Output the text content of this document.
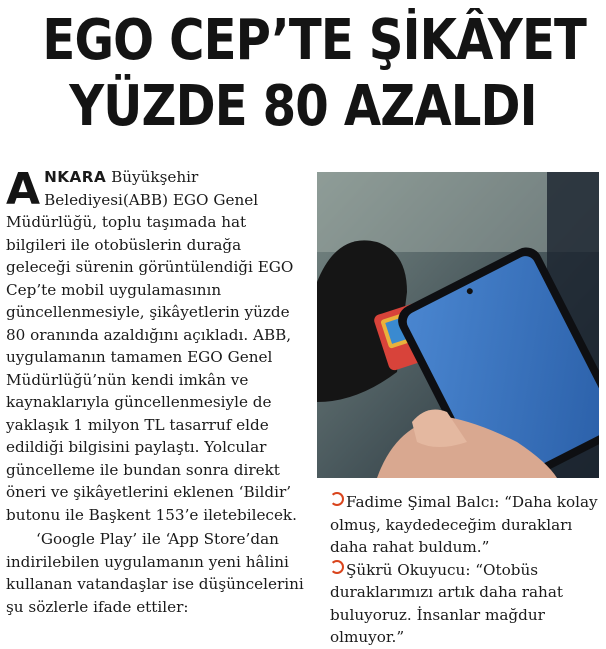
EGO CEP’TE ŞİKÂYET
YÜZDE 80 AZALDI

ANKARA Büyükşehir Belediyesi(ABB) EGO Genel Müdürlüğü, toplu taşımada hat bilgileri ile otobüslerin durağa geleceği sürenin görüntülendiği EGO Cep’te mobil uygulamasının güncellenmesiyle, şikâyetlerin yüzde 80 oranında azaldığını açıkladı. ABB, uygulamanın tamamen EGO Genel Müdürlüğü’nün kendi imkân ve kaynaklarıyla güncellenmesiyle de yaklaşık 1 milyon TL tasarruf elde edildiği bilgisini paylaştı. Yolcular güncelleme ile bundan sonra direkt öneri ve şikâyetlerini eklenen ‘Bildir’ butonu ile Başkent 153’e iletebilecek.

‘Google Play’ ile ‘App Store’dan indirilebilen uygulamanın yeni hâlini kullanan vatandaşlar ise düşüncelerini şu sözlerle ifade ettiler:

Fadime Şimal Balcı: “Daha kolay olmuş, kaydedeceğim durakları daha rahat buldum.”

Şükrü Okuyucu: “Otobüs duraklarımızı artık daha rahat buluyoruz. İnsanlar mağdur olmuyor.”
